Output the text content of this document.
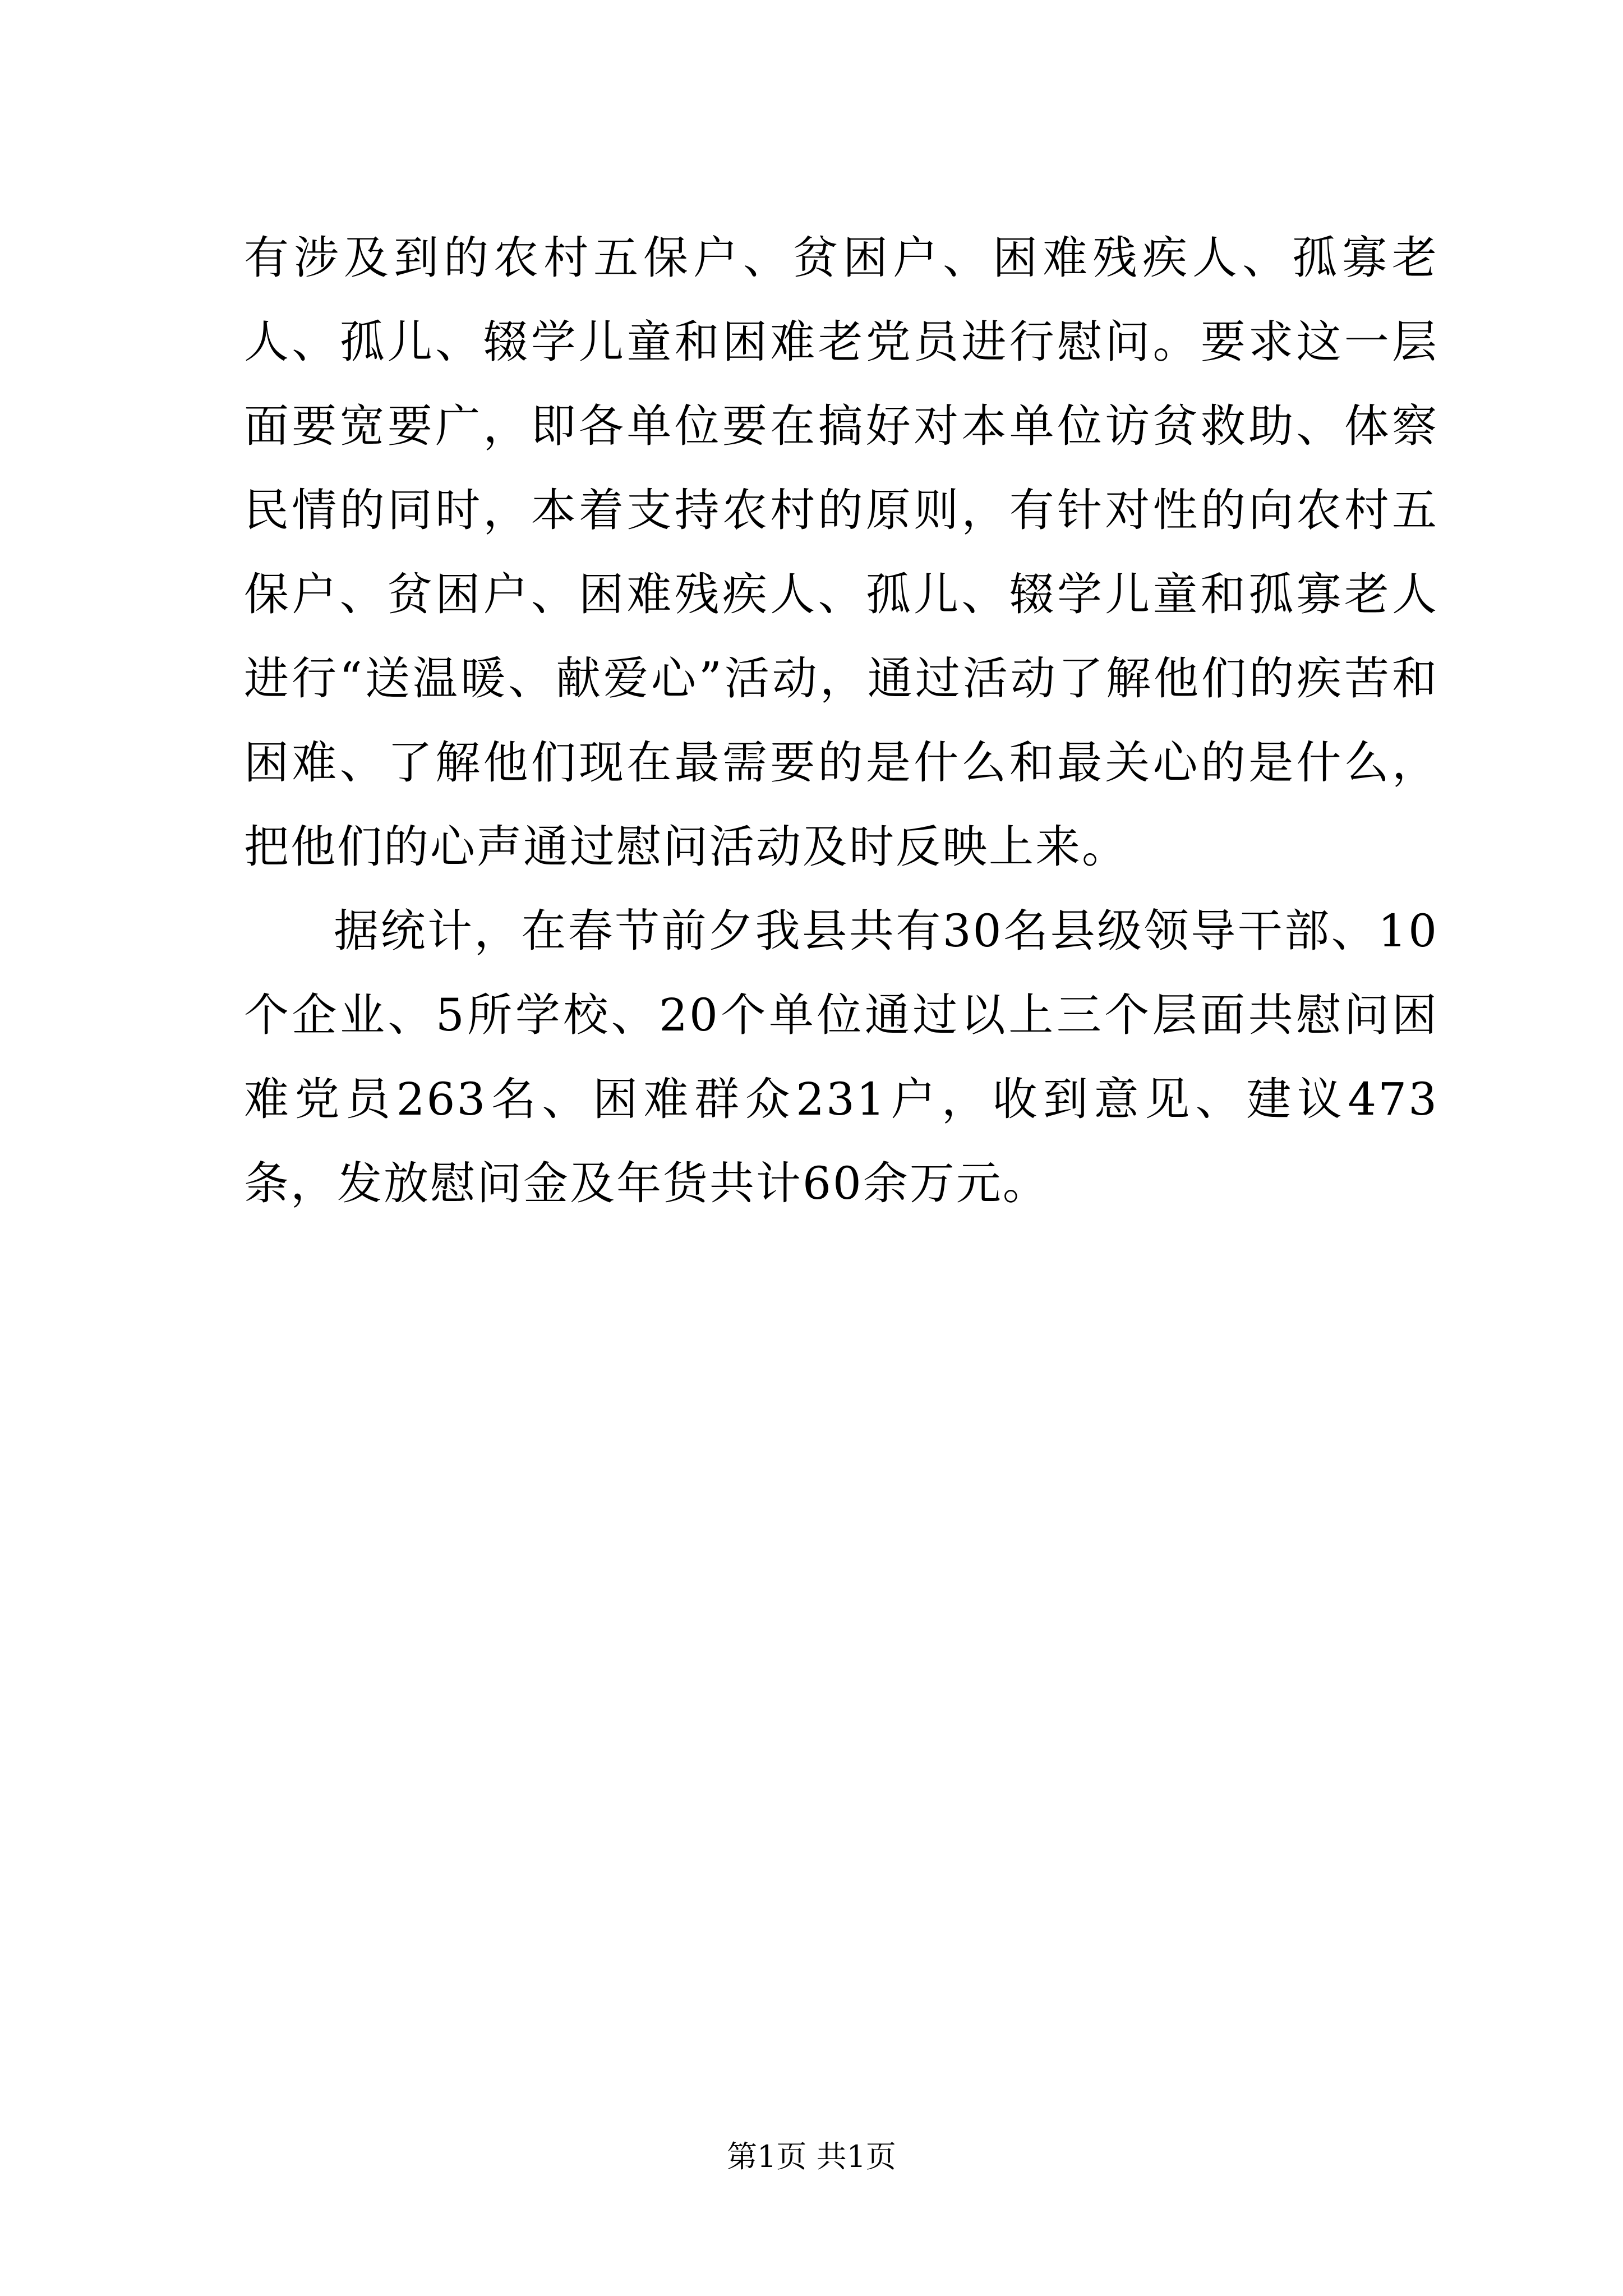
有涉及到的农村五保户、贫困户、困难残疾人、孤寡老人、孤儿、辍学儿童和困难老党员进行慰问。要求这一层面要宽要广，即各单位要在搞好对本单位访贫救助、体察民情的同时，本着支持农村的原则，有针对性的向农村五保户、贫困户、困难残疾人、孤儿、辍学儿童和孤寡老人进行“送温暖、献爱心”活动，通过活动了解他们的疾苦和困难、了解他们现在最需要的是什么和最关心的是什么，把他们的心声通过慰问活动及时反映上来。

据统计，在春节前夕我县共有30名县级领导干部、10个企业、5所学校、20个单位通过以上三个层面共慰问困难党员263名、困难群众231户，收到意见、建议473条，发放慰问金及年货共计60余万元。

第1页 共1页
